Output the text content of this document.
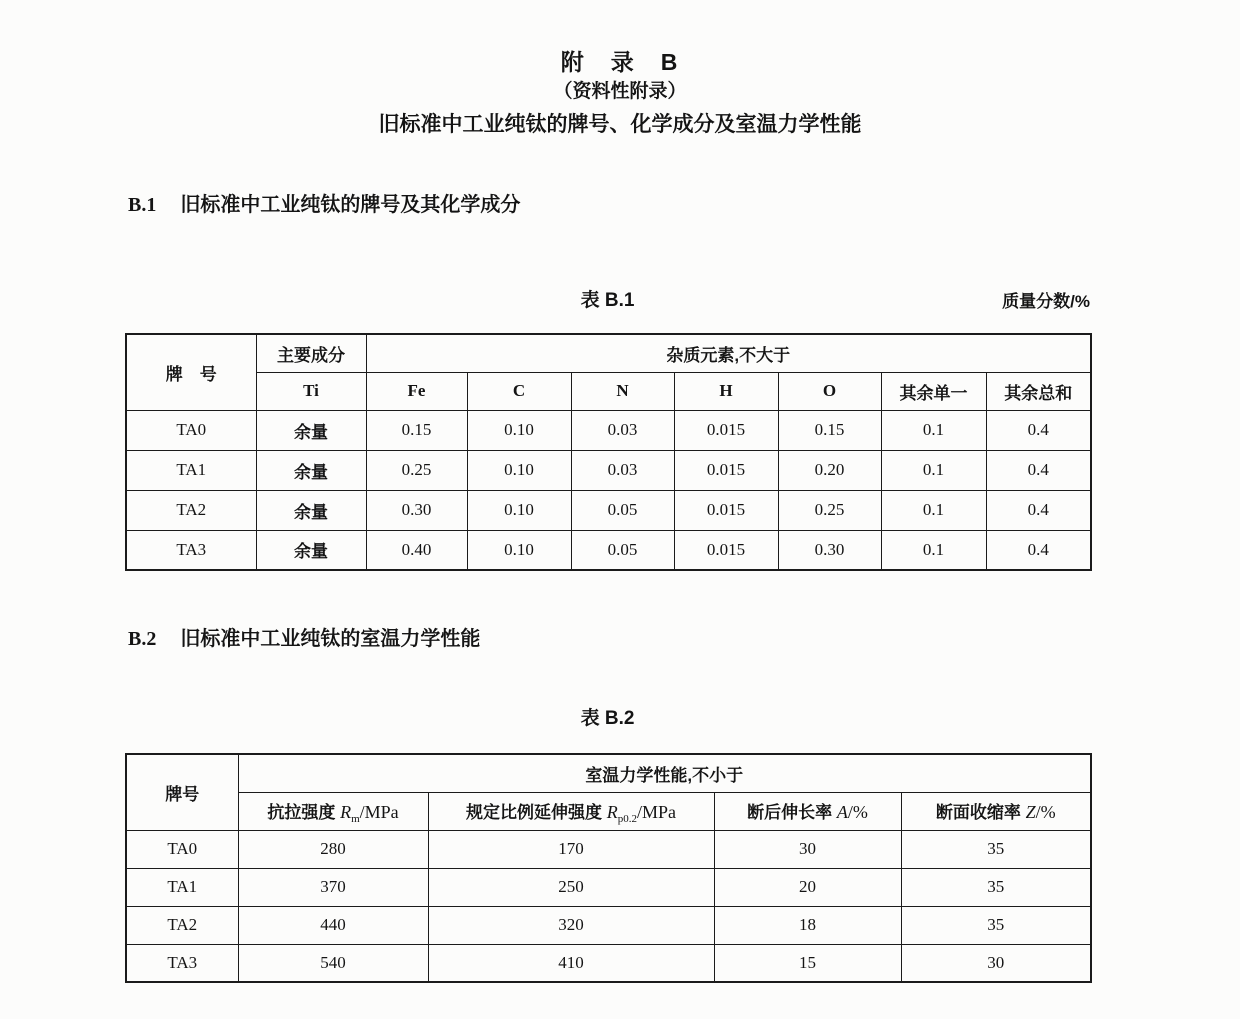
附　录　B
（资料性附录）
旧标准中工业纯钛的牌号、化学成分及室温力学性能
B.1 旧标准中工业纯钛的牌号及其化学成分
表 B.1	质量分数/%
牌　号	主要成分	杂质元素,不大于						
	Ti	Fe	C	N	H	O	其余单一	其余总和
TA0	余量	0.15	0.10	0.03	0.015	0.15	0.1	0.4
TA1	余量	0.25	0.10	0.03	0.015	0.20	0.1	0.4
TA2	余量	0.30	0.10	0.05	0.015	0.25	0.1	0.4
TA3	余量	0.40	0.10	0.05	0.015	0.30	0.1	0.4
B.2 旧标准中工业纯钛的室温力学性能
表 B.2
牌号	室温力学性能,不小于			
	抗拉强度 $R_m$/MPa	规定比例延伸强度 $R_{p0.2}$/MPa	断后伸长率 A/%	断面收缩率 Z/%
TA0	280	170	30	35
TA1	370	250	20	35
TA2	440	320	18	35
TA3	540	410	15	30
